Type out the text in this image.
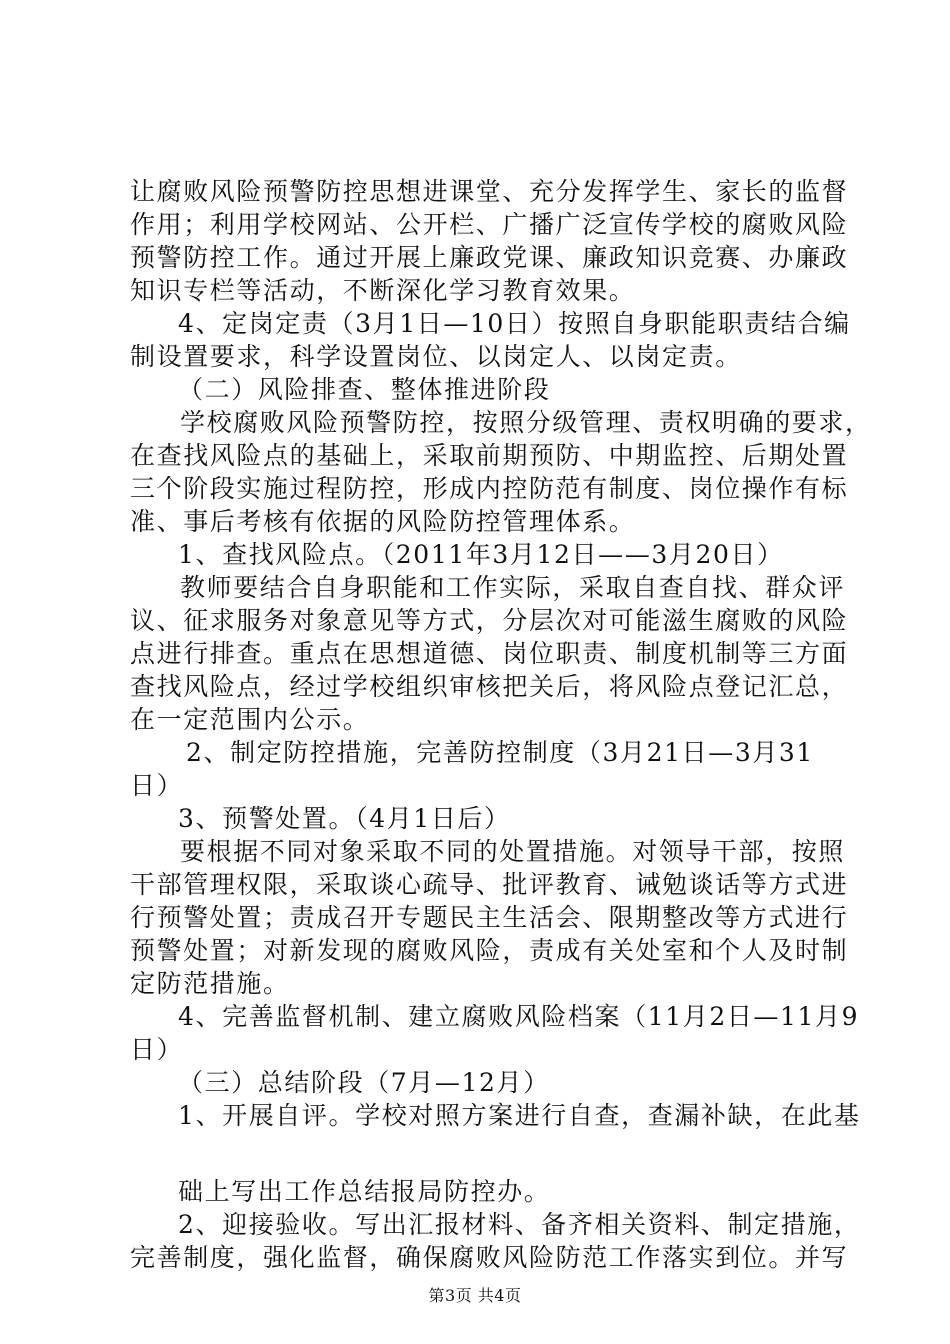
让腐败风险预警防控思想进课堂、充分发挥学生、家长的监督
作用；利用学校网站、公开栏、广播广泛宣传学校的腐败风险
预警防控工作。通过开展上廉政党课、廉政知识竞赛、办廉政
知识专栏等活动，不断深化学习教育效果。
4、定岗定责（3月1日—10日）按照自身职能职责结合编
制设置要求，科学设置岗位、以岗定人、以岗定责。
（二）风险排查、整体推进阶段
学校腐败风险预警防控，按照分级管理、责权明确的要求，
在查找风险点的基础上，采取前期预防、中期监控、后期处置
三个阶段实施过程防控，形成内控防范有制度、岗位操作有标
准、事后考核有依据的风险防控管理体系。
1、查找风险点。（2011年3月12日——3月20日）
教师要结合自身职能和工作实际，采取自查自找、群众评
议、征求服务对象意见等方式，分层次对可能滋生腐败的风险
点进行排查。重点在思想道德、岗位职责、制度机制等三方面
查找风险点，经过学校组织审核把关后，将风险点登记汇总，
在一定范围内公示。
2、制定防控措施，完善防控制度（3月21日—3月31
日）
3、预警处置。（4月1日后）
要根据不同对象采取不同的处置措施。对领导干部，按照
干部管理权限，采取谈心疏导、批评教育、诫勉谈话等方式进
行预警处置；责成召开专题民主生活会、限期整改等方式进行
预警处置；对新发现的腐败风险，责成有关处室和个人及时制
定防范措施。
4、完善监督机制、建立腐败风险档案（11月2日—11月9
日）
（三）总结阶段（7月—12月）
1、开展自评。学校对照方案进行自查，查漏补缺，在此基
础上写出工作总结报局防控办。
2、迎接验收。写出汇报材料、备齐相关资料、制定措施，
完善制度，强化监督，确保腐败风险防范工作落实到位。并写
第3页 共4页
